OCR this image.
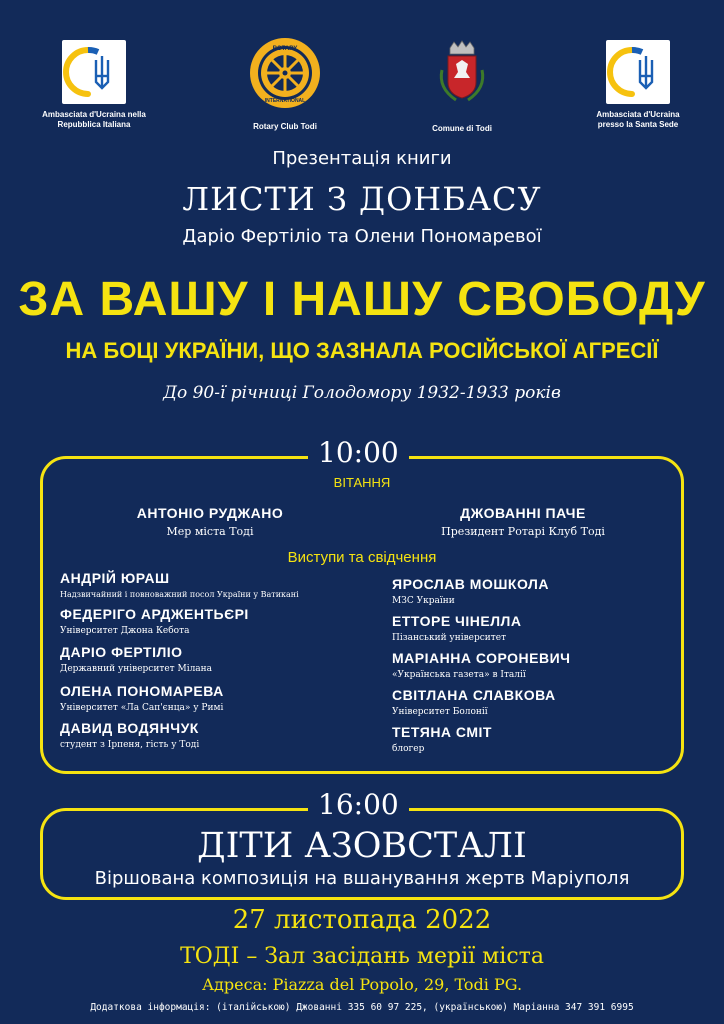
Ambasciata d'Ucraina nella Repubblica Italiana
ROTARY
INTERNATIONAL
Rotary Club Todi	Comune di Todi
Ambasciata d'Ucraina presso la Santa Sede
Презентація книги
ЛИСТИ З ДОНБАСУ
Даріо Фертіліо та Олени Пономаревої
ЗА ВАШУ І НАШУ СВОБОДУ
НА БОЦІ УКРАЇНИ, ЩО ЗАЗНАЛА РОСІЙСЬКОЇ АГРЕСІЇ
До 90-ї річниці Голодомору 1932-1933 років
10:00
ВІТАННЯ
АНТОНІО РУДЖАНО
Мер міста Тоді
ДЖОВАННІ ПАЧЕ
Президент Ротарі Клуб Тоді
Виступи та свідчення
АНДРІЙ ЮРАШ
Надзвичайний і повноважний посол України у Ватикані
ФЕДЕРІГО АРДЖЕНТЬЄРІ
Університет Джона Кебота
ДАРІО ФЕРТІЛІО
Державний університет Мілана
ОЛЕНА ПОНОМАРЕВА
Університет «Ла Сап'єнца» у Римі
ДАВИД ВОДЯНЧУК
студент з Ірпеня, гість у Тоді
ЯРОСЛАВ МОШКОЛА
МЗС України
ЕТТОРЕ ЧІНЕЛЛА
Пізанський університет
МАРІАННА СОРОНЕВИЧ
«Українська газета» в Італії
СВІТЛАНА СЛАВКОВА
Університет Болонії
ТЕТЯНА СМІТ
блогер
16:00
ДІТИ АЗОВСТАЛІ
Віршована композиція на вшанування жертв Маріуполя
27 листопада 2022
ТОДІ – Зал засідань мерії міста
Адреса: Piazza del Popolo, 29, Todi PG.
Додаткова інформація: (італійською) Джованні 335 60 97 225, (українською) Маріанна 347 391 6995
